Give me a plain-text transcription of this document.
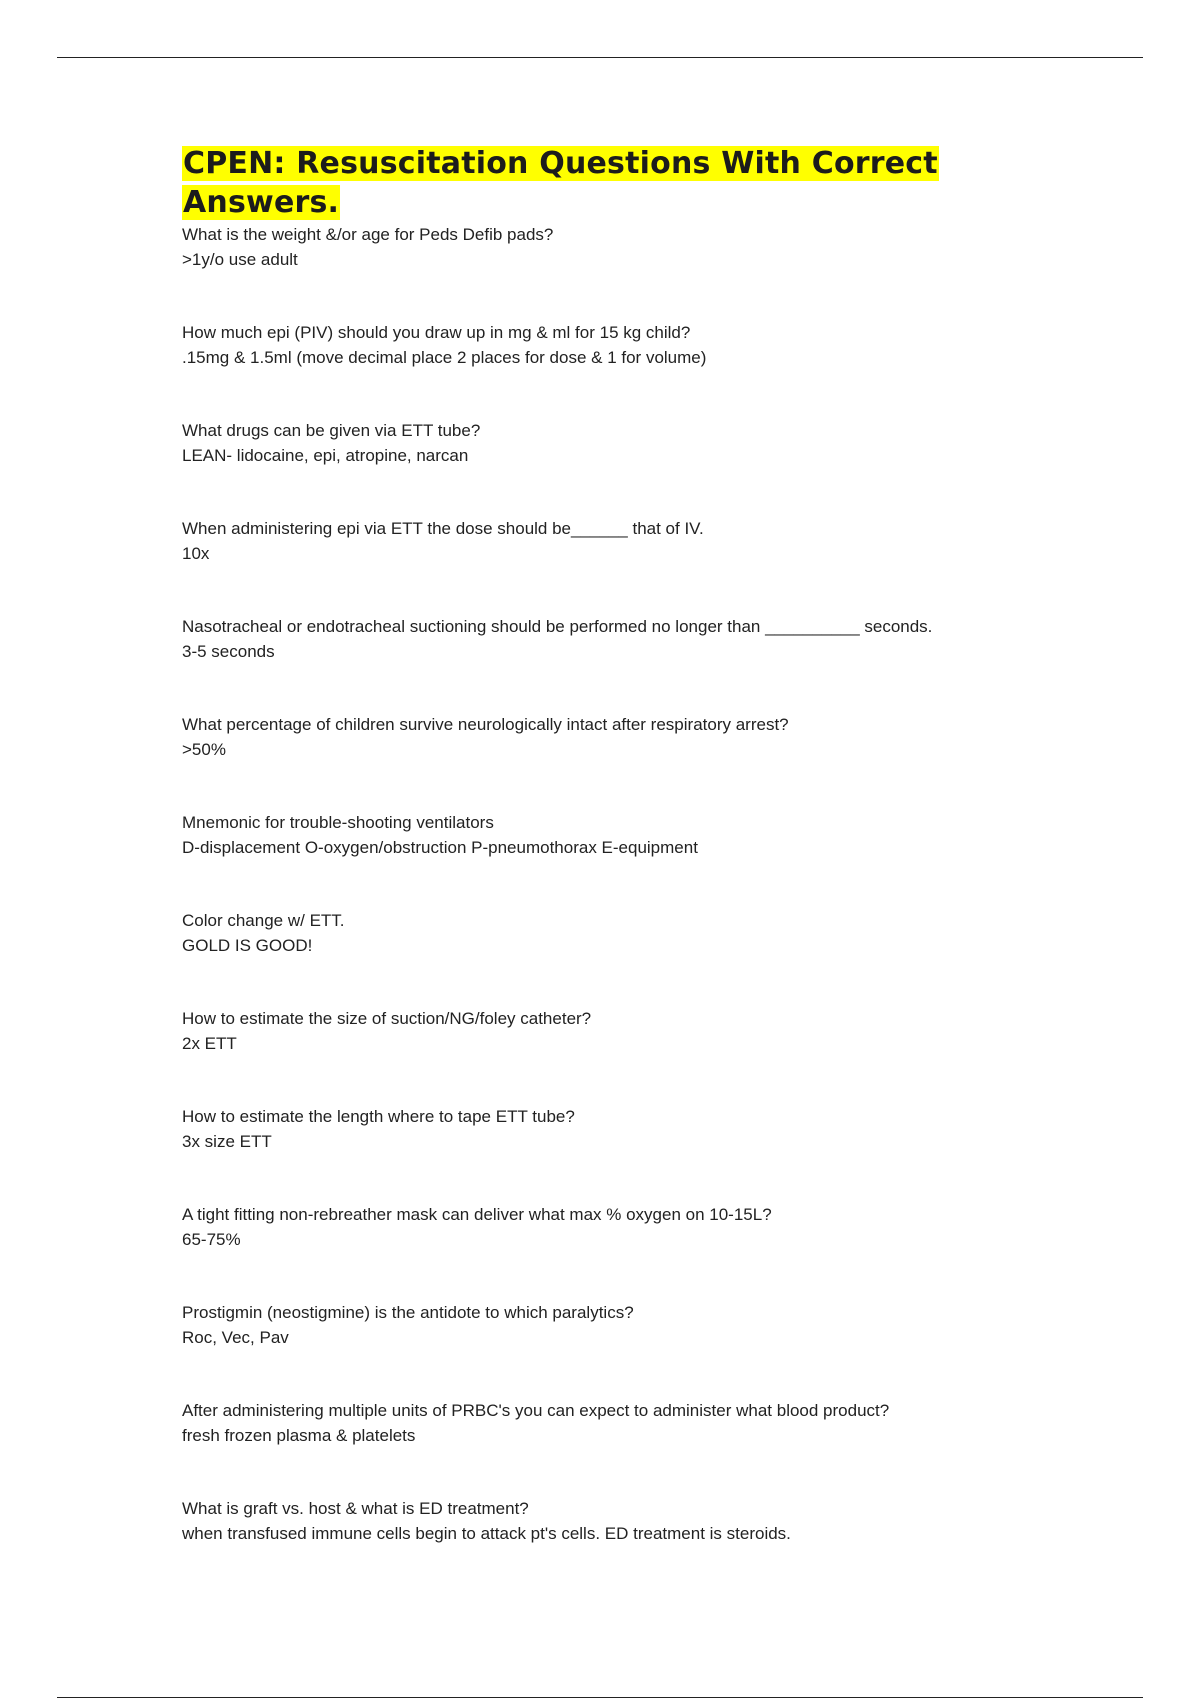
CPEN: Resuscitation Questions With Correct Answers.
What is the weight &/or age for Peds Defib pads?
>1y/o use adult
How much epi (PIV) should you draw up in mg & ml for 15 kg child?
.15mg & 1.5ml (move decimal place 2 places for dose & 1 for volume)
What drugs can be given via ETT tube?
LEAN- lidocaine, epi, atropine, narcan
When administering epi via ETT the dose should be______ that of IV.
10x
Nasotracheal or endotracheal suctioning should be performed no longer than __________ seconds.
3-5 seconds
What percentage of children survive neurologically intact after respiratory arrest?
>50%
Mnemonic for trouble-shooting ventilators
D-displacement O-oxygen/obstruction P-pneumothorax E-equipment
Color change w/ ETT.
GOLD IS GOOD!
How to estimate the size of suction/NG/foley catheter?
2x ETT
How to estimate the length where to tape ETT tube?
3x size ETT
A tight fitting non-rebreather mask can deliver what max % oxygen on 10-15L?
65-75%
Prostigmin (neostigmine) is the antidote to which paralytics?
Roc, Vec, Pav
After administering multiple units of PRBC's you can expect to administer what blood product?
fresh frozen plasma & platelets
What is graft vs. host & what is ED treatment?
when transfused immune cells begin to attack pt's cells. ED treatment is steroids.
